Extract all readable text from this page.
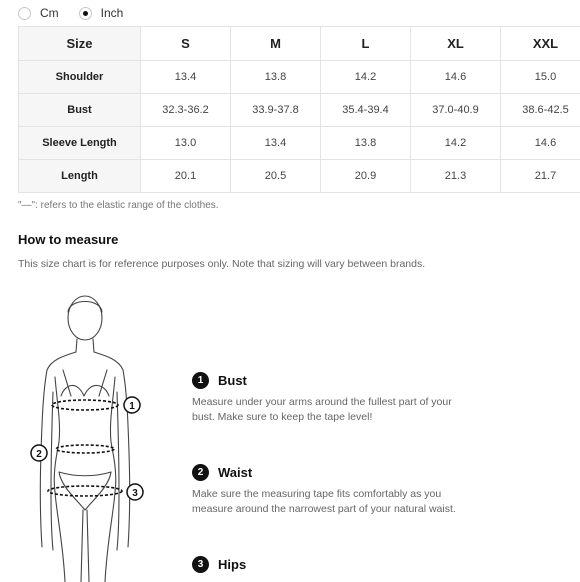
Cm	Inch
Size	S	M	L	XL	XXL
Shoulder	13.4	13.8	14.2	14.6	15.0
Bust	32.3-36.2	33.9-37.8	35.4-39.4	37.0-40.9	38.6-42.5
Sleeve Length	13.0	13.4	13.8	14.2	14.6
Length	20.1	20.5	20.9	21.3	21.7
"—": refers to the elastic range of the clothes.
How to measure
This size chart is for reference purposes only. Note that sizing will vary between brands.
1
2
3
1	Bust
Measure under your arms around the fullest part of your bust. Make sure to keep the tape level!
2	Waist
Make sure the measuring tape fits comfortably as you measure around the narrowest part of your natural waist.
3	Hips
